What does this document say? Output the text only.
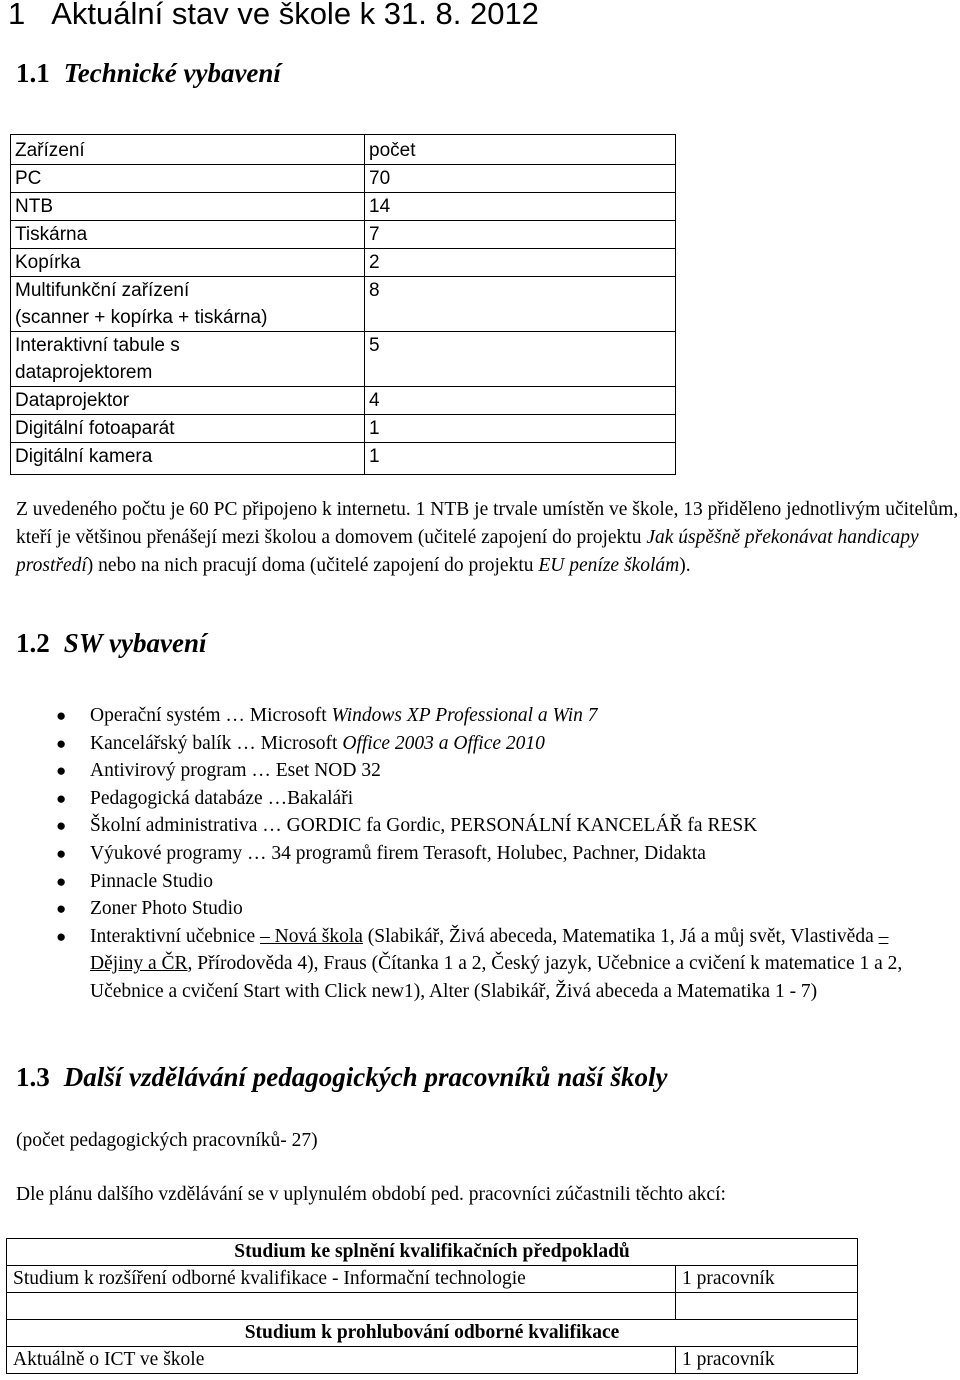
1 Aktuální stav ve škole k 31. 8. 2012
1.1 Technické vybavení
Zařízení	počet	
PC	70	
NTB	14	
Tiskárna	7	
Kopírka	2	
Multifunkční zařízení
(scanner + kopírka + tiskárna)	8	
Interaktivní tabule s
dataprojektorem	5	
Dataprojektor	4	
Digitální fotoaparát	1	
Digitální kamera	1	

Z uvedeného počtu je 60 PC připojeno k internetu. 1 NTB je trvale umístěn ve škole, 13 přiděleno jednotlivým učitelům, kteří je většinou přenášejí mezi školou a domovem (učitelé zapojení do projektu Jak úspěšně překonávat handicapy prostředí) nebo na nich pracují doma (učitelé zapojení do projektu EU peníze školám).

1.2 SW vybavení
● Operační systém … Microsoft Windows XP Professional a Win 7
● Kancelářský balík … Microsoft Office 2003 a Office 2010
● Antivirový program … Eset NOD 32
● Pedagogická databáze …Bakaláři
● Školní administrativa … GORDIC fa Gordic, PERSONÁLNÍ KANCELÁŘ fa RESK
● Výukové programy … 34 programů firem Terasoft, Holubec, Pachner, Didakta
● Pinnacle Studio
● Zoner Photo Studio
● Interaktivní učebnice – Nová škola (Slabikář, Živá abeceda, Matematika 1, Já a můj svět, Vlastivěda – Dějiny a ČR, Přírodověda 4), Fraus (Čítanka 1 a 2, Český jazyk, Učebnice a cvičení k matematice 1 a 2, Učebnice a cvičení Start with Click new1), Alter (Slabikář, Živá abeceda a Matematika 1 - 7)
1.3 Další vzdělávání pedagogických pracovníků naší školy

(počet pedagogických pracovníků- 27)

Dle plánu dalšího vzdělávání se v uplynulém období ped. pracovníci zúčastnili těchto akcí:

Studium ke splnění kvalifikačních předpokladů	
Studium k rozšíření odborné kvalifikace - Informační technologie	1 pracovník

Studium k prohlubování odborné kvalifikace	
Aktuálně o ICT ve škole	1 pracovník
